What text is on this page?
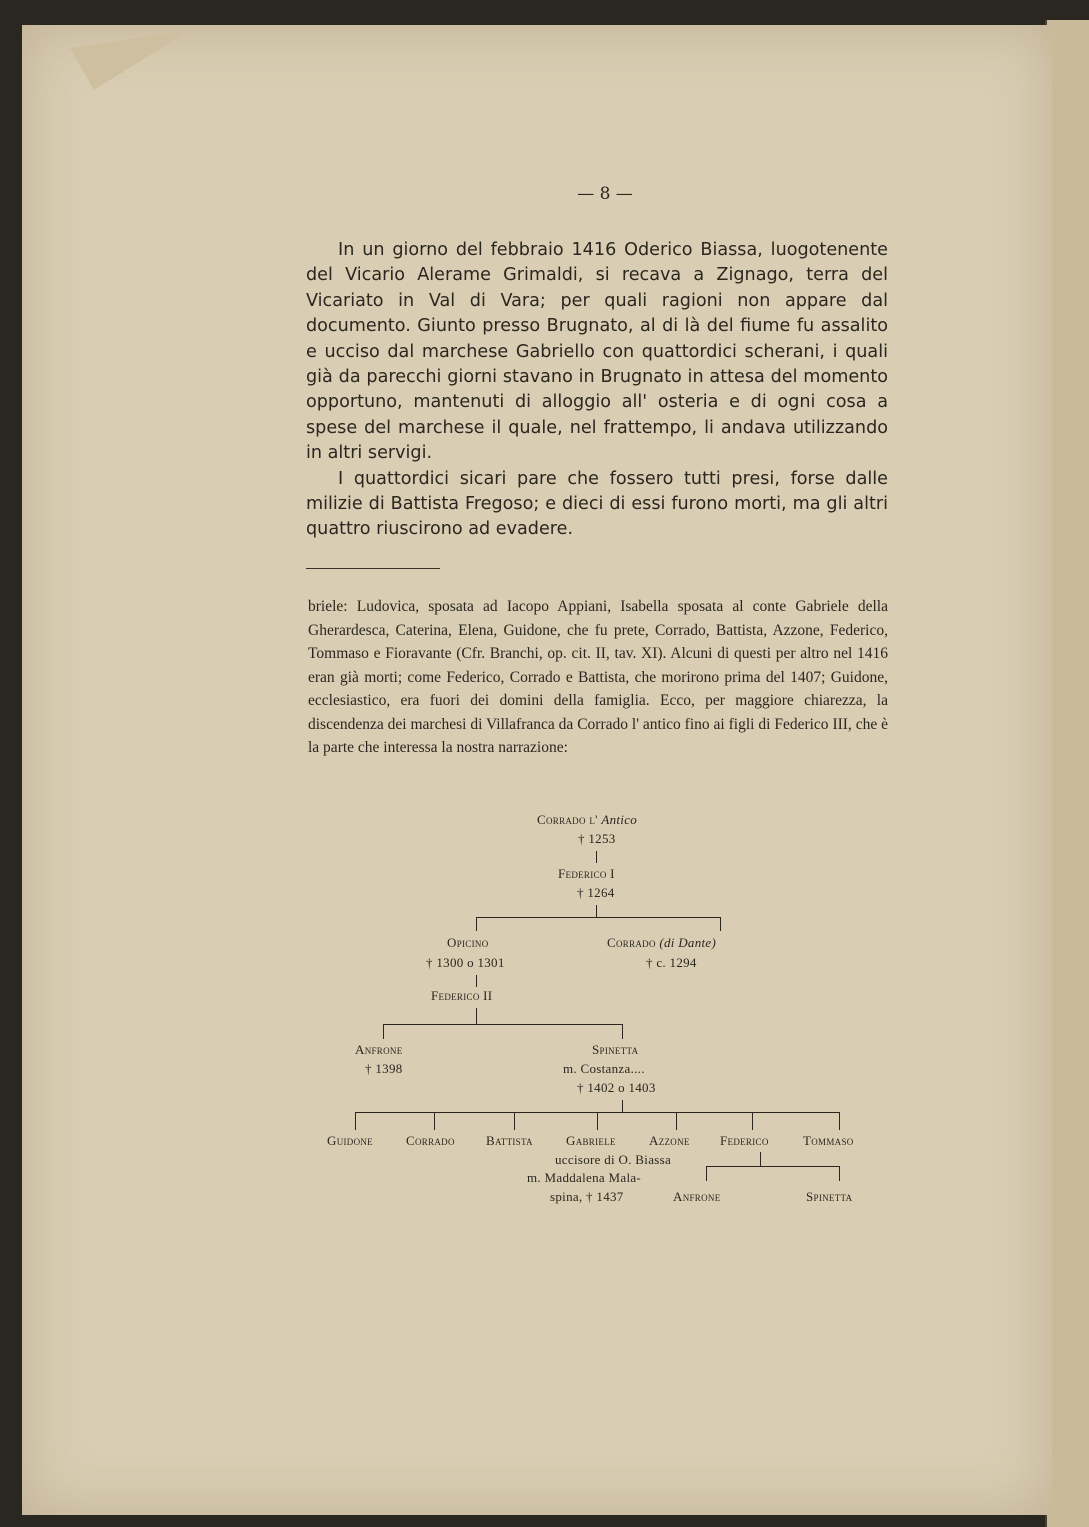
— 8 —

In un giorno del febbraio 1416 Oderico Biassa, luogotenente del Vicario Alerame Grimaldi, si recava a Zignago, terra del Vicariato in Val di Vara; per quali ragioni non appare dal documento. Giunto presso Brugnato, al di là del fiume fu assalito e ucciso dal marchese Gabriello con quattordici scherani, i quali già da parecchi giorni stavano in Brugnato in attesa del momento opportuno, mantenuti di alloggio all' osteria e di ogni cosa a spese del marchese il quale, nel frattempo, li andava utilizzando in altri servigi.

I quattordici sicari pare che fossero tutti presi, forse dalle milizie di Battista Fregoso; e dieci di essi furono morti, ma gli altri quattro riuscirono ad evadere.

briele: Ludovica, sposata ad Iacopo Appiani, Isabella sposata al conte Gabriele della Gherardesca, Caterina, Elena, Guidone, che fu prete, Corrado, Battista, Azzone, Federico, Tommaso e Fioravante (Cfr. Branchi, op. cit. II, tav. XI). Alcuni di questi per altro nel 1416 eran già morti; come Federico, Corrado e Battista, che morirono prima del 1407; Guidone, ecclesiastico, era fuori dei domini della famiglia. Ecco, per maggiore chiarezza, la discendenza dei marchesi di Villafranca da Corrado l' antico fino ai figli di Federico III, che è la parte che interessa la nostra narrazione:
Corrado l' Antico
† 1253
Federico I
† 1264
Opicino
† 1300 o 1301
Corrado (di Dante)
† c. 1294
Federico II
Anfrone
† 1398
Spinetta
m. Costanza....
† 1402 o 1403
Guidone	Corrado Battista	Gabriele	Azzone Federico	Tommaso
uccisore di O. Biassa
m. Maddalena Mala-
spina, † 1437	Anfrone	Spinetta
